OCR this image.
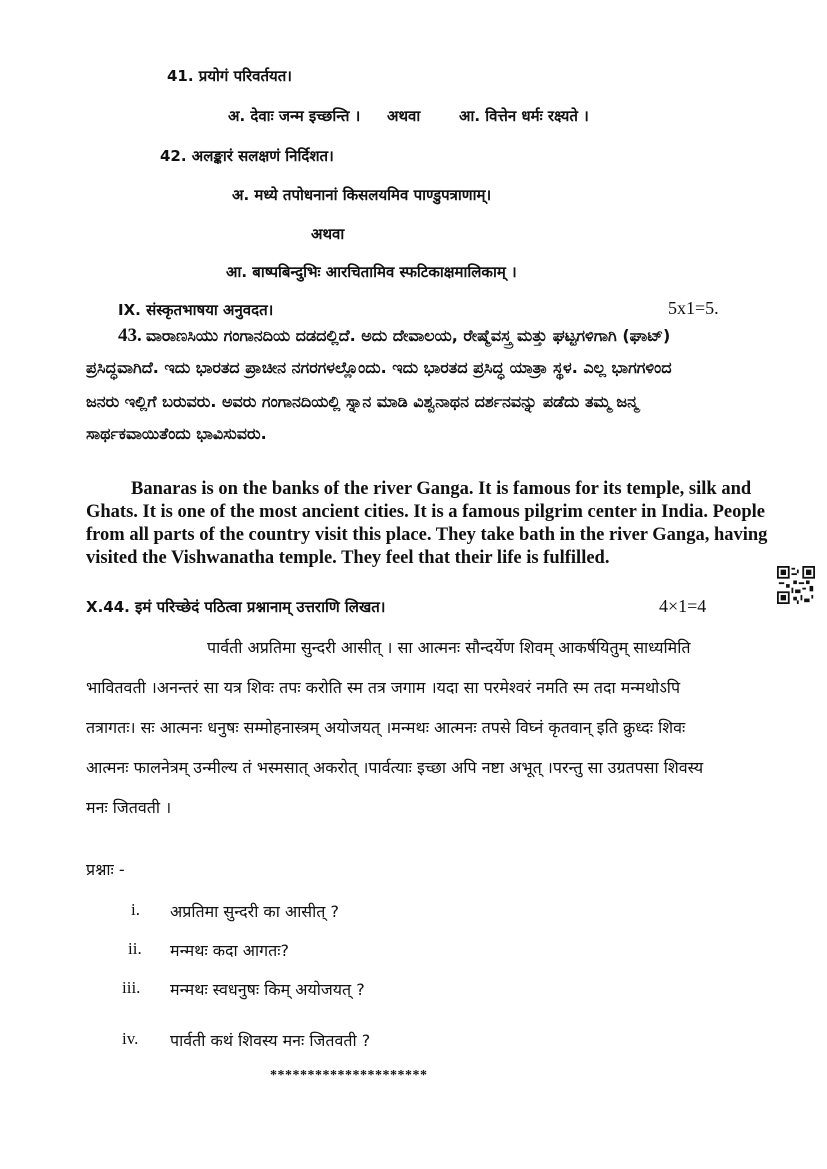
41. प्रयोगं परिवर्तयत।
अ. देवाः जन्म इच्छन्ति । अथवा	आ. वित्तेन धर्मः रक्ष्यते ।
42. अलङ्कारं सलक्षणं निर्दिशत।
अ. मध्ये तपोधनानां किसलयमिव पाण्डुपत्राणाम्।
अथवा
आ. बाष्पबिन्दुभिः आरचितामिव स्फटिकाक्षमालिकाम् ।
IX. संस्कृतभाषया अनुवदत।	5x1=5.
43. ವಾರಾಣಸಿಯು ಗಂಗಾನದಿಯ ದಡದಲ್ಲಿದೆ. ಅದು ದೇವಾಲಯ, ರೇಷ್ಮೆವಸ್ತ್ರ ಮತ್ತು ಘಟ್ಟಗಳಿಗಾಗಿ (ಘಾಟ್)
ಪ್ರಸಿದ್ಧವಾಗಿದೆ. ಇದು ಭಾರತದ ಪ್ರಾಚೀನ ನಗರಗಳಲ್ಲೊಂದು. ಇದು ಭಾರತದ ಪ್ರಸಿದ್ಧ ಯಾತ್ರಾ ಸ್ಥಳ. ಎಲ್ಲ ಭಾಗಗಳಿಂದ
ಜನರು ಇಲ್ಲಿಗೆ ಬರುವರು. ಅವರು ಗಂಗಾನದಿಯಲ್ಲಿ ಸ್ನಾನ ಮಾಡಿ ವಿಶ್ವನಾಥನ ದರ್ಶನವನ್ನು ಪಡೆದು ತಮ್ಮ ಜನ್ಮ
ಸಾರ್ಥಕವಾಯಿತೆಂದು ಭಾವಿಸುವರು.
Banaras is on the banks of the river Ganga. It is famous for its temple, silk and
Ghats. It is one of the most ancient cities. It is a famous pilgrim center in India. People
from all parts of the country visit this place. They take bath in the river Ganga, having
visited the Vishwanatha temple. They feel that their life is fulfilled.
X.44. इमं परिच्छेदं पठित्वा प्रश्नानाम् उत्तराणि लिखत।	4×1=4
पार्वती अप्रतिमा सुन्दरी आसीत् । सा आत्मनः सौन्दर्येण शिवम् आकर्षयितुम् साध्यमिति
भावितवती ।अनन्तरं सा यत्र शिवः तपः करोति स्म तत्र जगाम ।यदा सा परमेश्वरं नमति स्म तदा मन्मथोऽपि
तत्रागतः। सः आत्मनः धनुषः सम्मोहनास्त्रम् अयोजयत् ।मन्मथः आत्मनः तपसे विघ्नं कृतवान् इति क्रुध्दः शिवः
आत्मनः फालनेत्रम् उन्मील्य तं भस्मसात् अकरोत् ।पार्वत्याः इच्छा अपि नष्टा अभूत् ।परन्तु सा उग्रतपसा शिवस्य
मनः जितवती ।
प्रश्नाः -
i. अप्रतिमा सुन्दरी का आसीत् ?
ii. मन्मथः कदा आगतः?
iii. मन्मथः स्वधनुषः किम् अयोजयत् ?
iv. पार्वती कथं शिवस्य मनः जितवती ?
*********************
